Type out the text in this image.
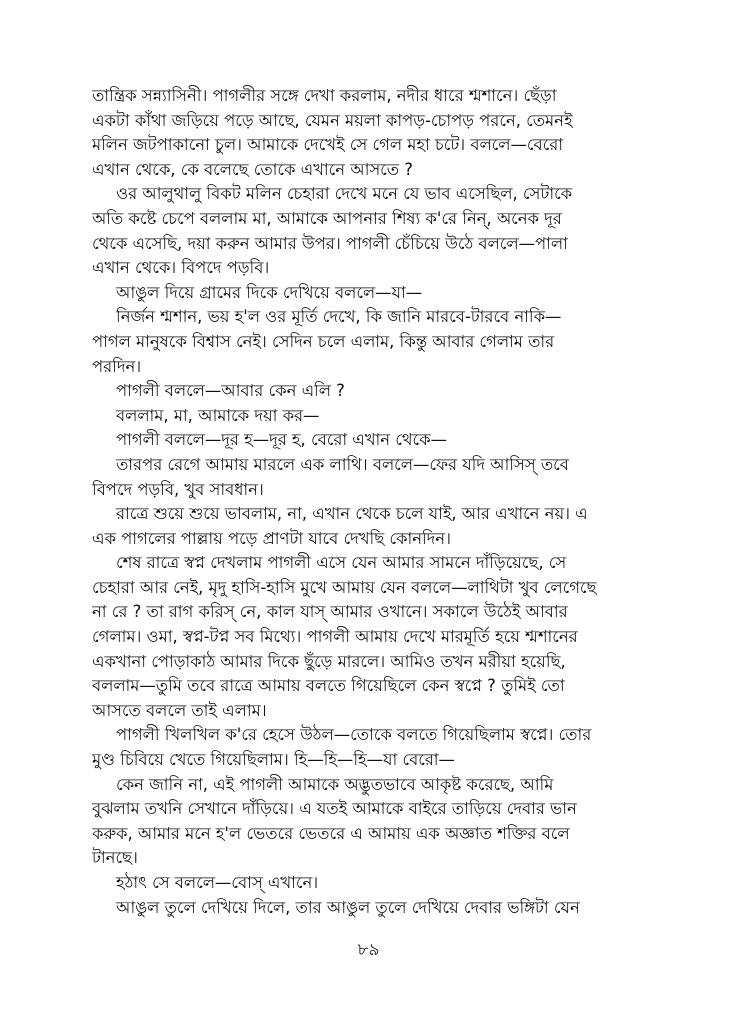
তান্ত্রিক সন্ন্যাসিনী। পাগলীর সঙ্গে দেখা করলাম, নদীর ধারে শ্মশানে। ছেঁড়া
একটা কাঁথা জড়িয়ে পড়ে আছে, যেমন ময়লা কাপড়-চোপড় পরনে, তেমনই
মলিন জটপাকানো চুল। আমাকে দেখেই সে গেল মহা চটে। বললে—বেরো
এখান থেকে, কে বলেছে তোকে এখানে আসতে ?
ওর আলুথালু বিকট মলিন চেহারা দেখে মনে যে ভাব এসেছিল, সেটাকে
অতি কষ্টে চেপে বললাম মা, আমাকে আপনার শিষ্য ক'রে নিন্, অনেক দূর
থেকে এসেছি, দয়া করুন আমার উপর। পাগলী চেঁচিয়ে উঠে বললে—পালা
এখান থেকে। বিপদে পড়বি।
আঙুল দিয়ে গ্রামের দিকে দেখিয়ে বললে—যা—
নির্জন শ্মশান, ভয় হ'ল ওর মূর্তি দেখে, কি জানি মারবে-টারবে নাকি—
পাগল মানুষকে বিশ্বাস নেই। সেদিন চলে এলাম, কিন্তু আবার গেলাম তার
পরদিন।
পাগলী বললে—আবার কেন এলি ?
বললাম, মা, আমাকে দয়া কর—
পাগলী বললে—দূর হ—দূর হ, বেরো এখান থেকে—
তারপর রেগে আমায় মারলে এক লাথি। বললে—ফের যদি আসিস্ তবে
বিপদে পড়বি, খুব সাবধান।
রাত্রে শুয়ে শুয়ে ভাবলাম, না, এখান থেকে চলে যাই, আর এখানে নয়। এ
এক পাগলের পাল্লায় পড়ে প্রাণটা যাবে দেখছি কোনদিন।
শেষ রাত্রে স্বপ্ন দেখলাম পাগলী এসে যেন আমার সামনে দাঁড়িয়েছে, সে
চেহারা আর নেই, মৃদু হাসি-হাসি মুখে আমায় যেন বললে—লাথিটা খুব লেগেছে
না রে ? তা রাগ করিস্ নে, কাল যাস্ আমার ওখানে। সকালে উঠেই আবার
গেলাম। ওমা, স্বপ্ন-টপ্ন সব মিথ্যে। পাগলী আমায় দেখে মারমূর্তি হয়ে শ্মশানের
একখানা পোড়াকাঠ আমার দিকে ছুঁড়ে মারলে। আমিও তখন মরীয়া হয়েছি,
বললাম—তুমি তবে রাত্রে আমায় বলতে গিয়েছিলে কেন স্বপ্নে ? তুমিই তো
আসতে বললে তাই এলাম।
পাগলী খিলখিল ক'রে হেসে উঠল—তোকে বলতে গিয়েছিলাম স্বপ্নে। তোর
মুণ্ড চিবিয়ে খেতে গিয়েছিলাম। হি—হি—হি—যা বেরো—
কেন জানি না, এই পাগলী আমাকে অদ্ভুতভাবে আকৃষ্ট করেছে, আমি
বুঝলাম তখনি সেখানে দাঁড়িয়ে। এ যতই আমাকে বাইরে তাড়িয়ে দেবার ভান
করুক, আমার মনে হ'ল ভেতরে ভেতরে এ আমায় এক অজ্ঞাত শক্তির বলে
টানছে।
হঠাৎ সে বললে—বোস্ এখানে।
আঙুল তুলে দেখিয়ে দিলে, তার আঙুল তুলে দেখিয়ে দেবার ভঙ্গিটা যেন
৮৯
